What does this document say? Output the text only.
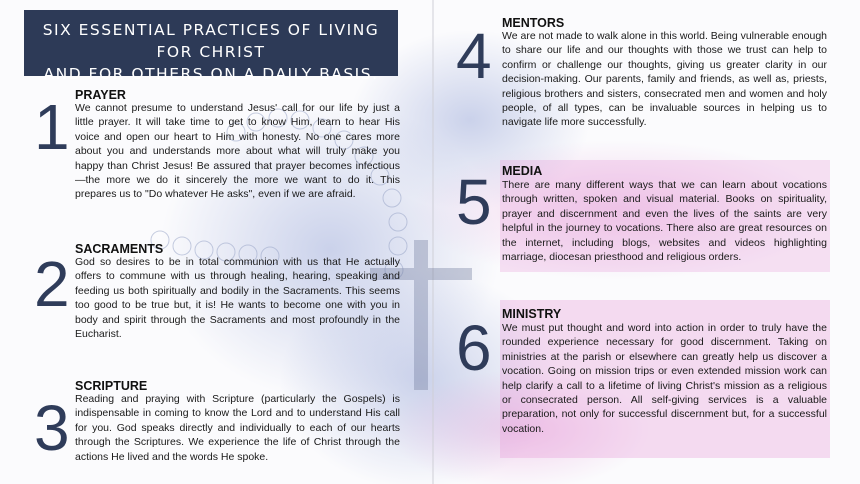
SIX ESSENTIAL PRACTICES OF LIVING FOR CHRIST
AND FOR OTHERS ON A DAILY BASIS.
1 PRAYER
We cannot presume to understand Jesus' call for our life by just a little prayer. It will take time to get to know Him, learn to hear His voice and open our heart to Him with honesty. No one cares more about you and understands more about what will truly make you happy than Christ Jesus! Be assured that prayer becomes infectious—the more we do it sincerely the more we want to do it. This prepares us to "Do whatever He asks", even if we are afraid.
2 SACRAMENTS
God so desires to be in total communion with us that He actually offers to commune with us through healing, hearing, speaking and feeding us both spiritually and bodily in the Sacraments. This seems too good to be true but, it is! He wants to become one with you in body and spirit through the Sacraments and most profoundly in the Eucharist.
3
SCRIPTURE
Reading and praying with Scripture (particularly the Gospels) is indispensable in coming to know the Lord and to understand His call for you. God speaks directly and individually to each of our hearts through the Scriptures. We experience the life of Christ through the actions He lived and the words He spoke.
4 MENTORS
We are not made to walk alone in this world. Being vulnerable enough to share our life and our thoughts with those we trust can help to confirm or challenge our thoughts, giving us greater clarity in our decision-making. Our parents, family and friends, as well as, priests, religious brothers and sisters, consecrated men and women and holy people, of all types, can be invaluable sources in helping us to navigate life more successfully.
5 MEDIA
There are many different ways that we can learn about vocations through written, spoken and visual material. Books on spirituality, prayer and discernment and even the lives of the saints are very helpful in the journey to vocations. There also are great resources on the internet, including blogs, websites and videos highlighting marriage, diocesan priesthood and religious orders.
6 MINISTRY
We must put thought and word into action in order to truly have the rounded experience necessary for good discernment. Taking on ministries at the parish or elsewhere can greatly help us discover a vocation. Going on mission trips or even extended mission work can help clarify a call to a lifetime of living Christ's mission as a religious or consecrated person. All self-giving services is a valuable preparation, not only for successful discernment but, for a successful vocation.
